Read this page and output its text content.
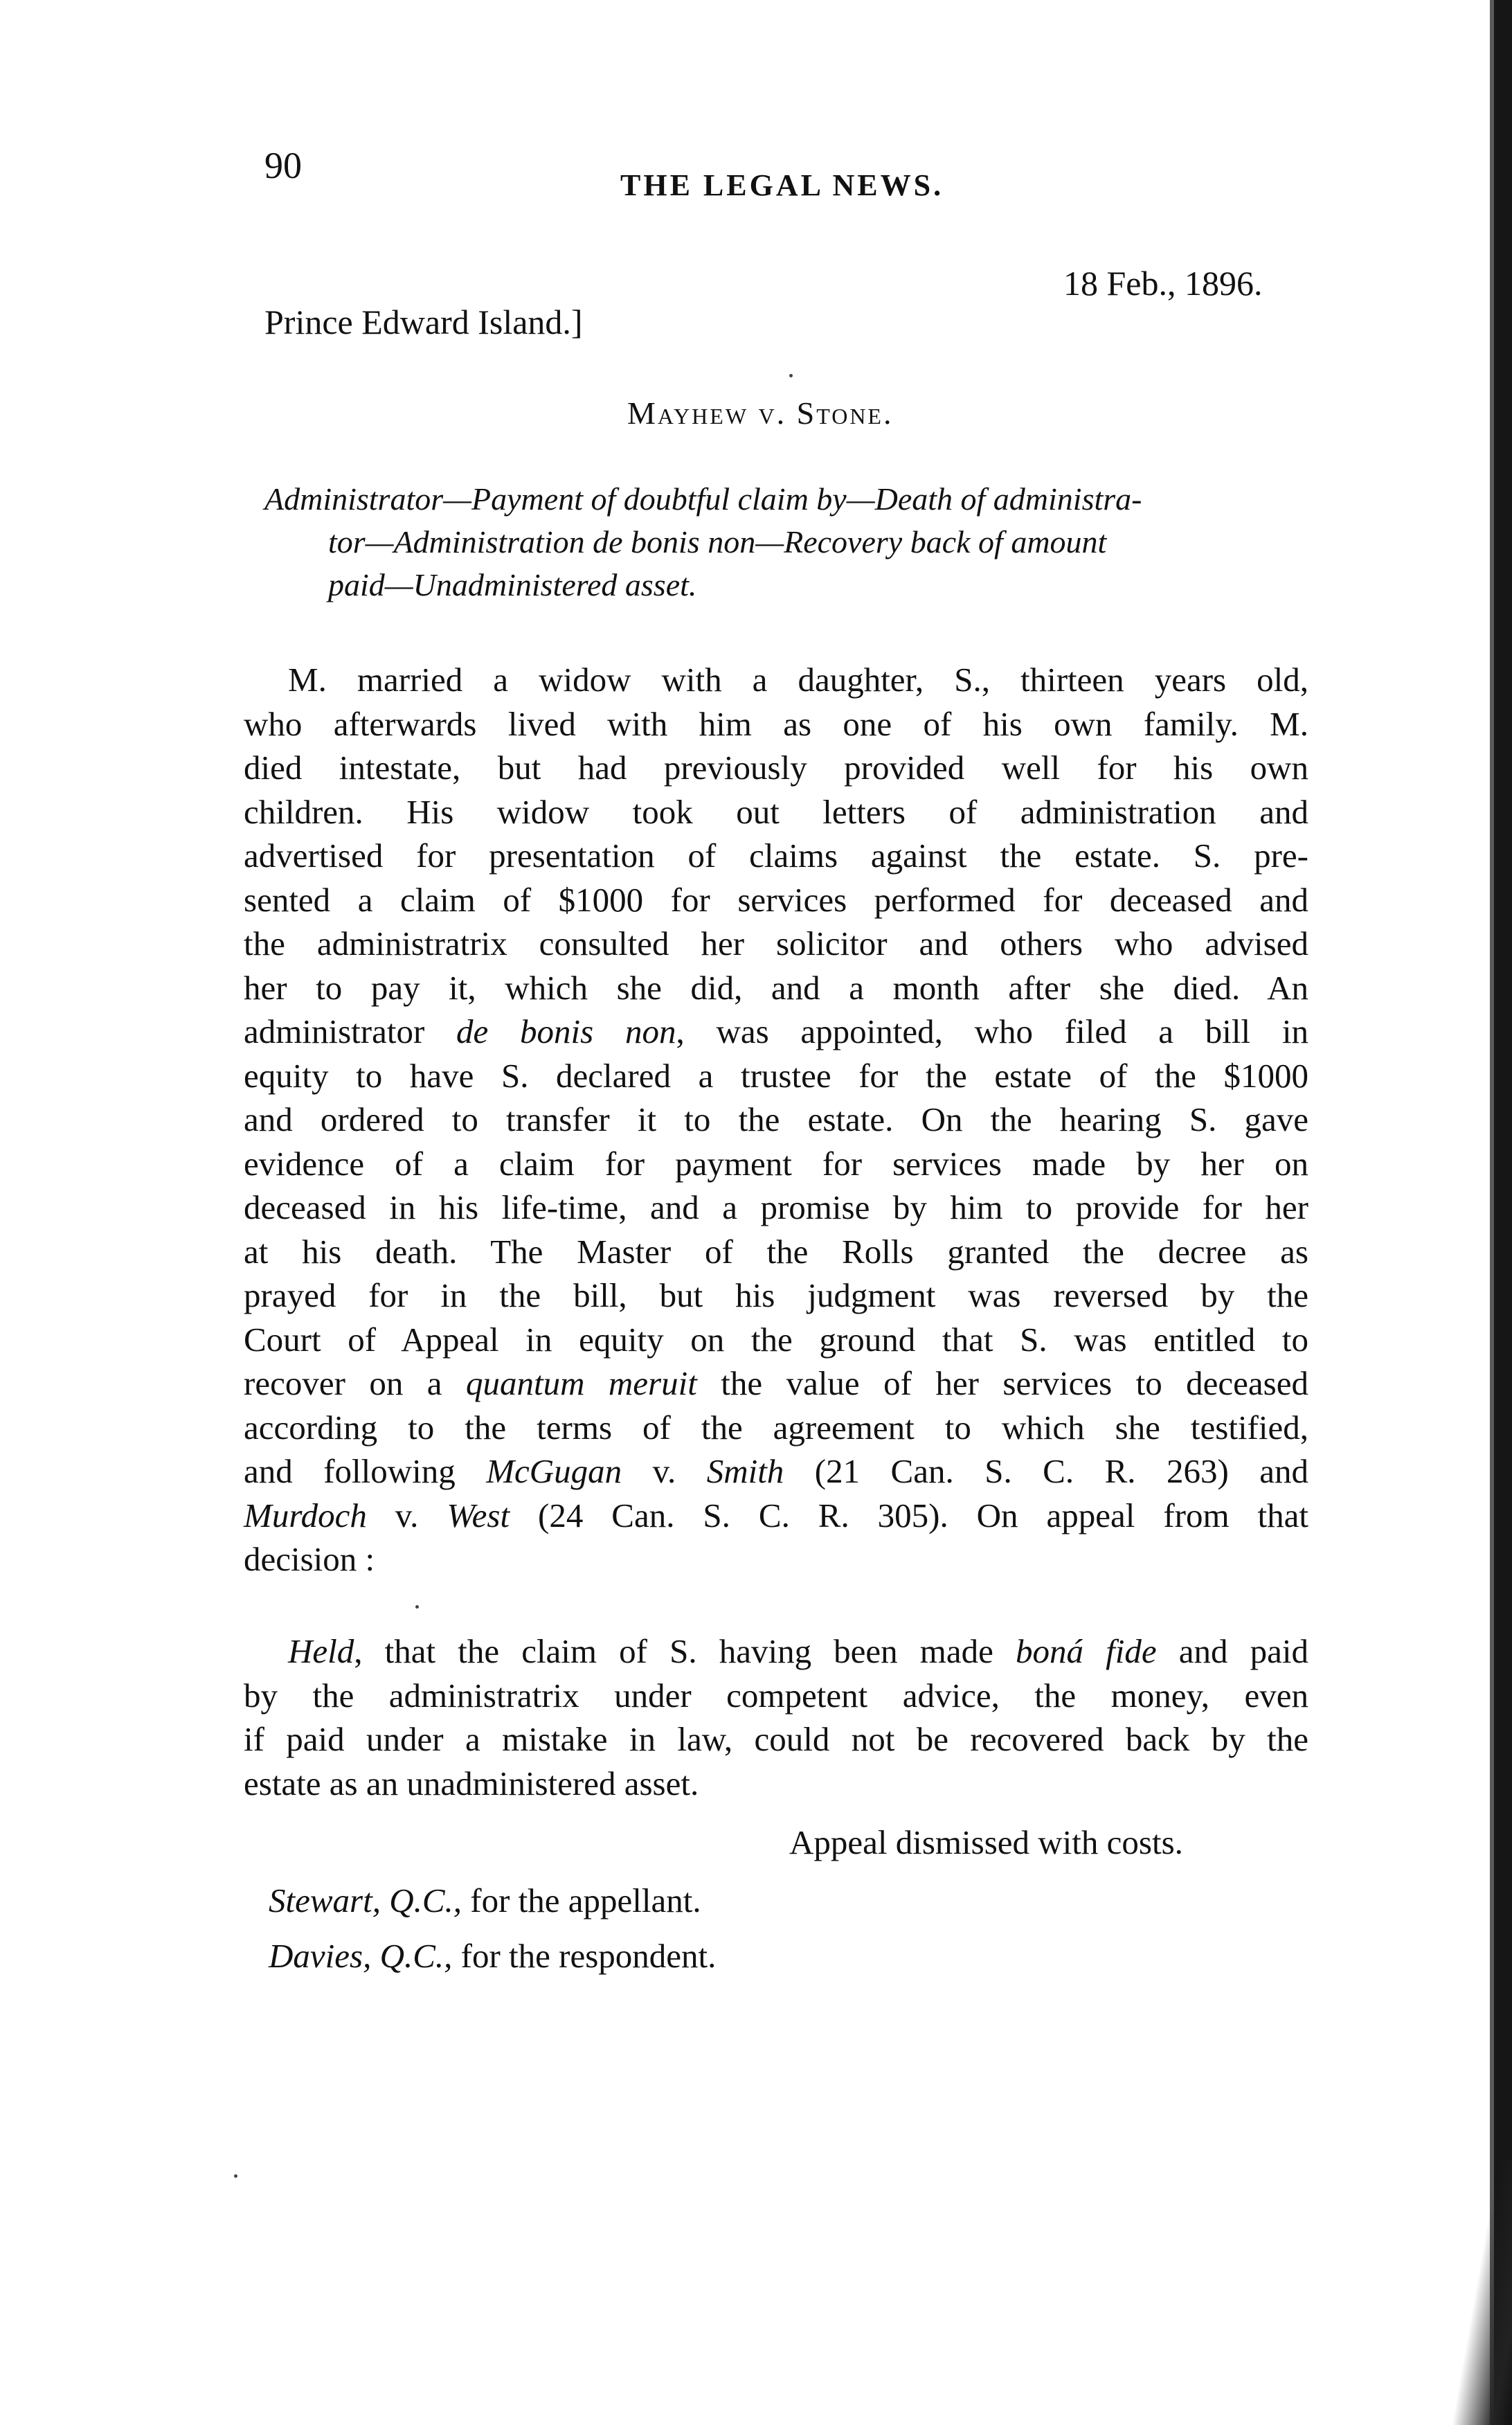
90	THE LEGAL NEWS.
18 Feb., 1896.
Prince Edward Island.]
Mayhew v. Stone.
Administrator—Payment of doubtful claim by—Death of administra-
tor—Administration de bonis non—Recovery back of amount
paid—Unadministered asset.
M. married a widow with a daughter, S., thirteen years old,
who afterwards lived with him as one of his own family. M.
died intestate, but had previously provided well for his own
children. His widow took out letters of administration and
advertised for presentation of claims against the estate. S. pre-
sented a claim of $1000 for services performed for deceased and
the administratrix consulted her solicitor and others who advised
her to pay it, which she did, and a month after she died. An
administrator de bonis non, was appointed, who filed a bill in
equity to have S. declared a trustee for the estate of the $1000
and ordered to transfer it to the estate. On the hearing S. gave
evidence of a claim for payment for services made by her on
deceased in his life-time, and a promise by him to provide for her
at his death. The Master of the Rolls granted the decree as
prayed for in the bill, but his judgment was reversed by the
Court of Appeal in equity on the ground that S. was entitled to
recover on a quantum meruit the value of her services to deceased
according to the terms of the agreement to which she testified,
and following McGugan v. Smith (21 Can. S. C. R. 263) and
Murdoch v. West (24 Can. S. C. R. 305). On appeal from that
decision :
Held, that the claim of S. having been made boná fide and paid
by the administratrix under competent advice, the money, even
if paid under a mistake in law, could not be recovered back by the
estate as an unadministered asset.
Appeal dismissed with costs.
Stewart, Q.C., for the appellant.
Davies, Q.C., for the respondent.
